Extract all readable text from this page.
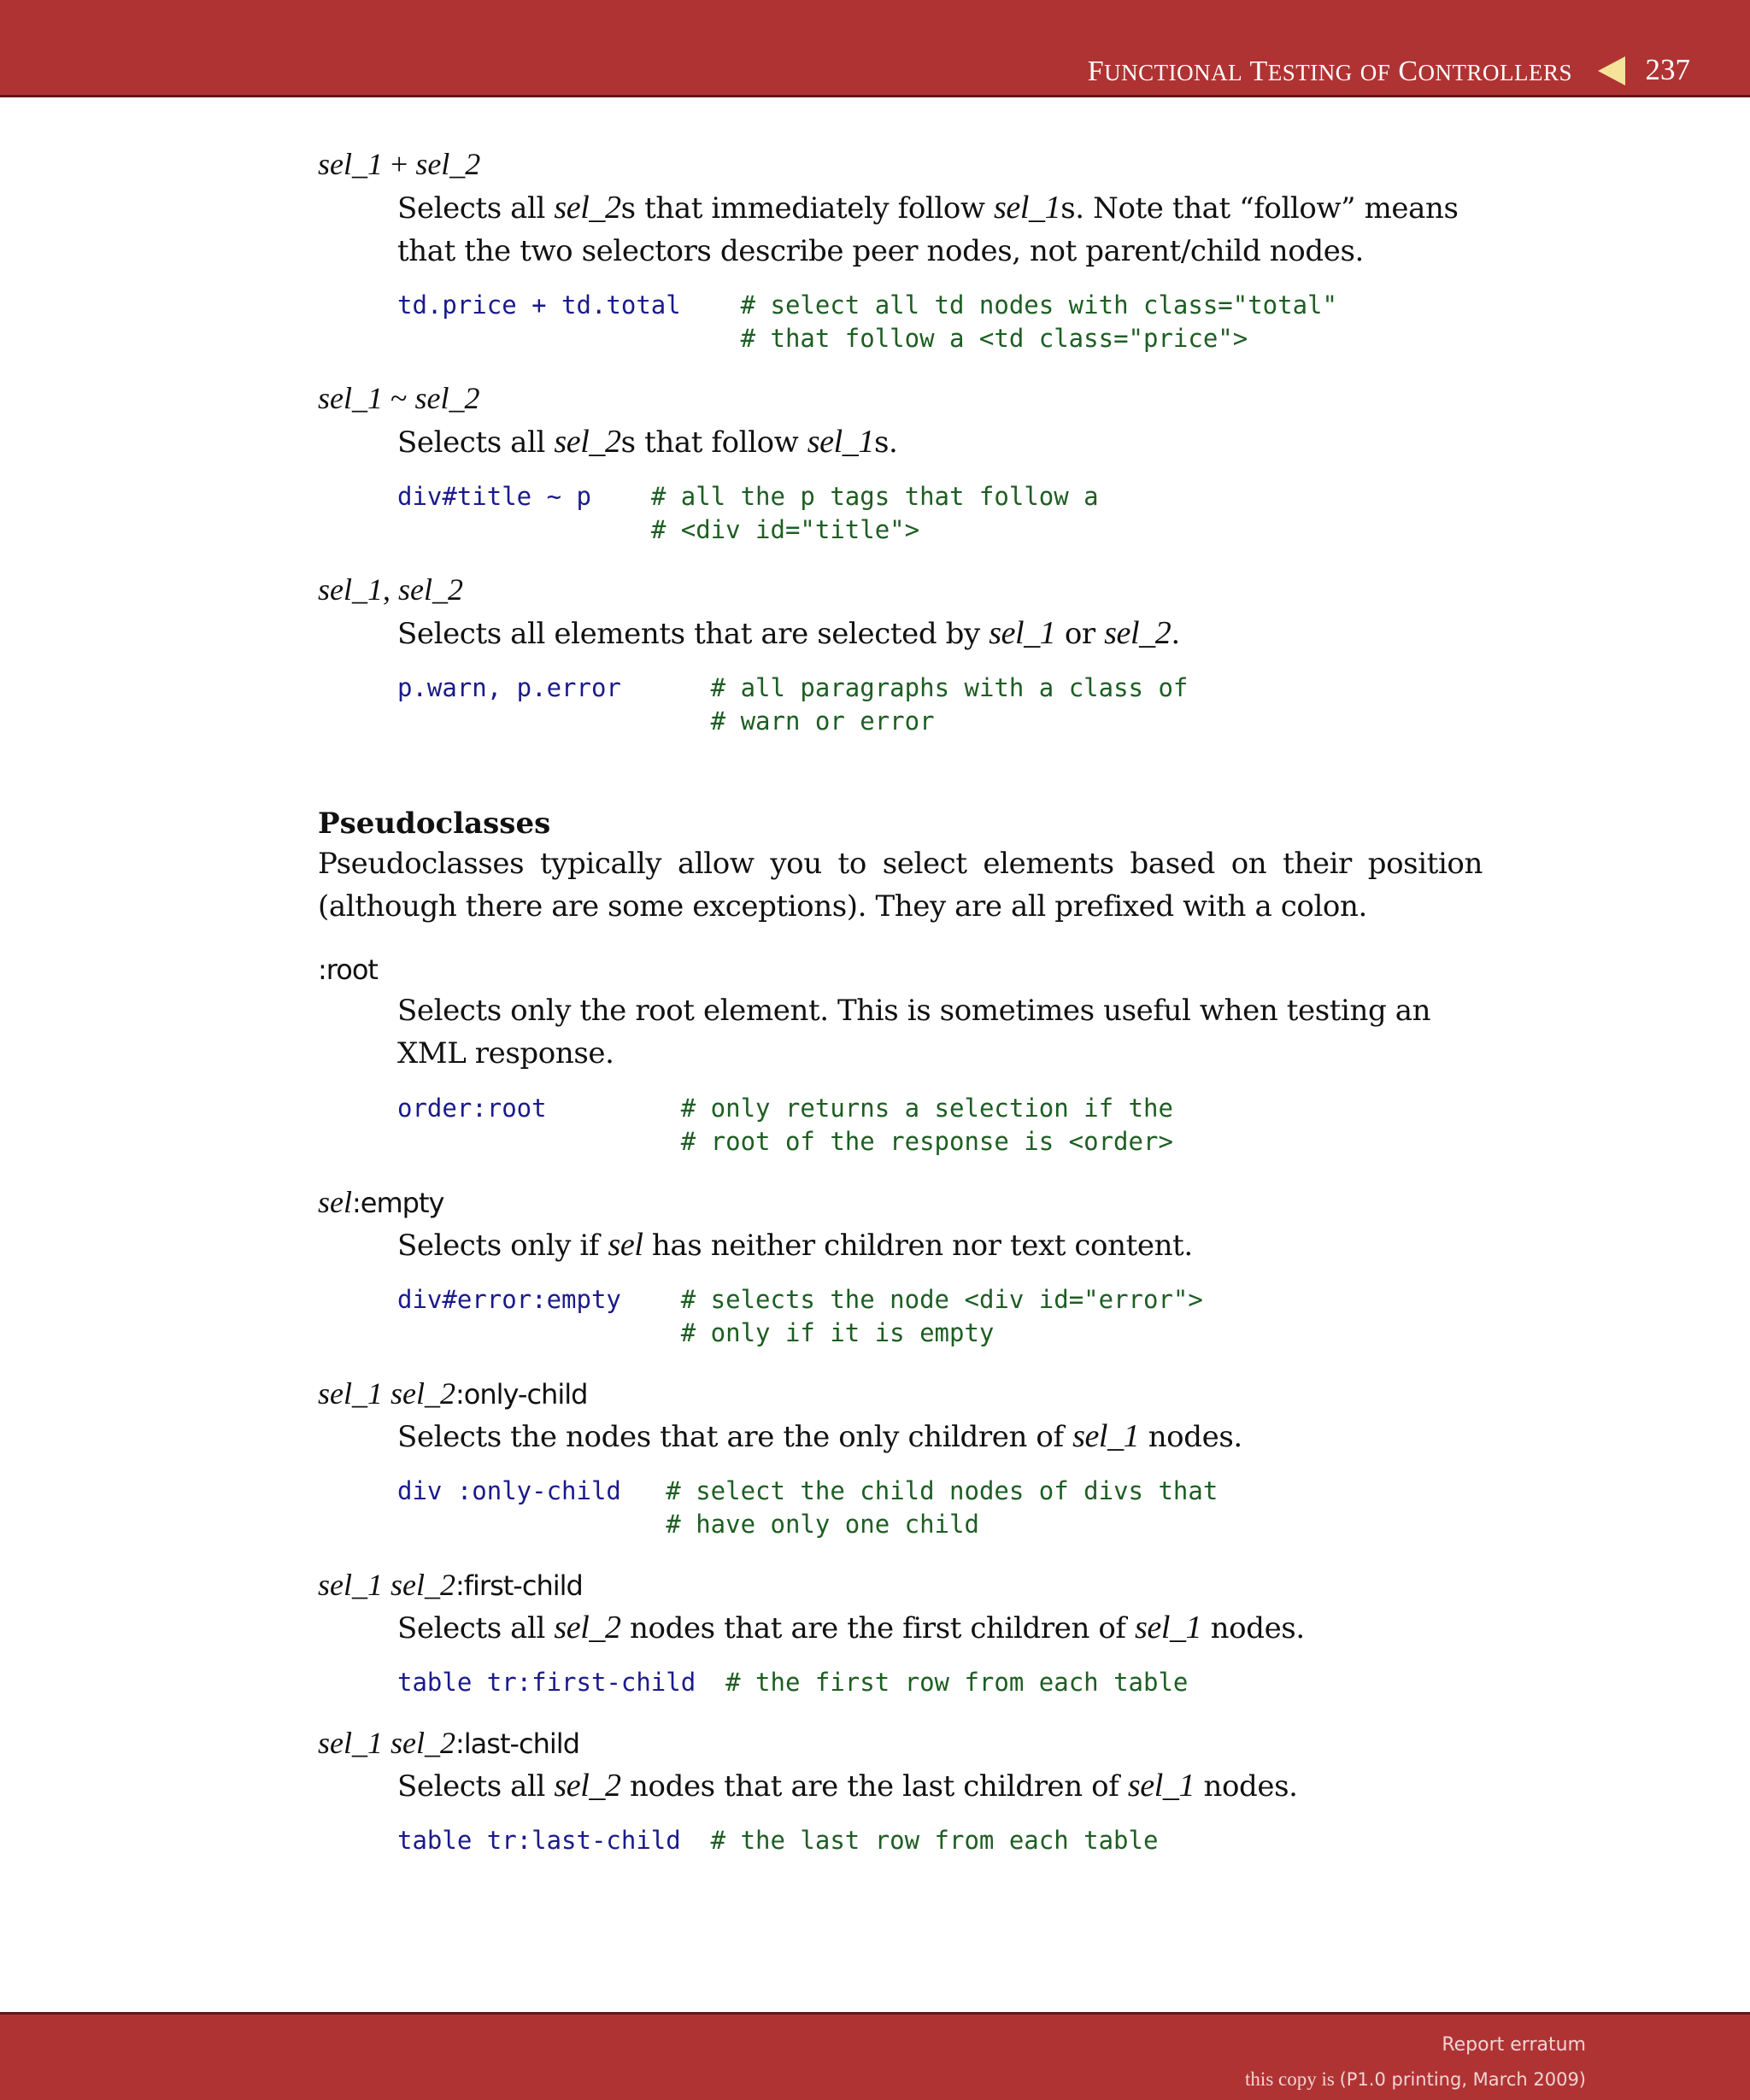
FUNCTIONAL TESTING OF CONTROLLERS 237
sel_1 + sel_2
Selects all sel_2s that immediately follow sel_1s. Note that “follow” means that the two selectors describe peer nodes, not parent/child nodes.
td.price + td.total # select all td nodes with class="total"
# that follow a <td class="price">
sel_1 ~ sel_2
Selects all sel_2s that follow sel_1s.
div#title ~ p # all the p tags that follow a
# <div id="title">
sel_1, sel_2
Selects all elements that are selected by sel_1 or sel_2.
p.warn, p.error	# all paragraphs with a class of
# warn or error
Pseudoclasses
Pseudoclasses typically allow you to select elements based on their position (although there are some exceptions). They are all prefixed with a colon.
:root
Selects only the root element. This is sometimes useful when testing an XML response.
order:root	# only returns a selection if the
# root of the response is <order>
sel:empty
Selects only if sel has neither children nor text content.
div#error:empty # selects the node <div id="error">
# only if it is empty
sel_1 sel_2:only-child
Selects the nodes that are the only children of sel_1 nodes.
div :only-child # select the child nodes of divs that
# have only one child
sel_1 sel_2:first-child
Selects all sel_2 nodes that are the first children of sel_1 nodes.
table tr:first-child # the first row from each table
sel_1 sel_2:last-child
Selects all sel_2 nodes that are the last children of sel_1 nodes.
table tr:last-child # the last row from each table
Report erratum
this copy is (P1.0 printing, March 2009)
